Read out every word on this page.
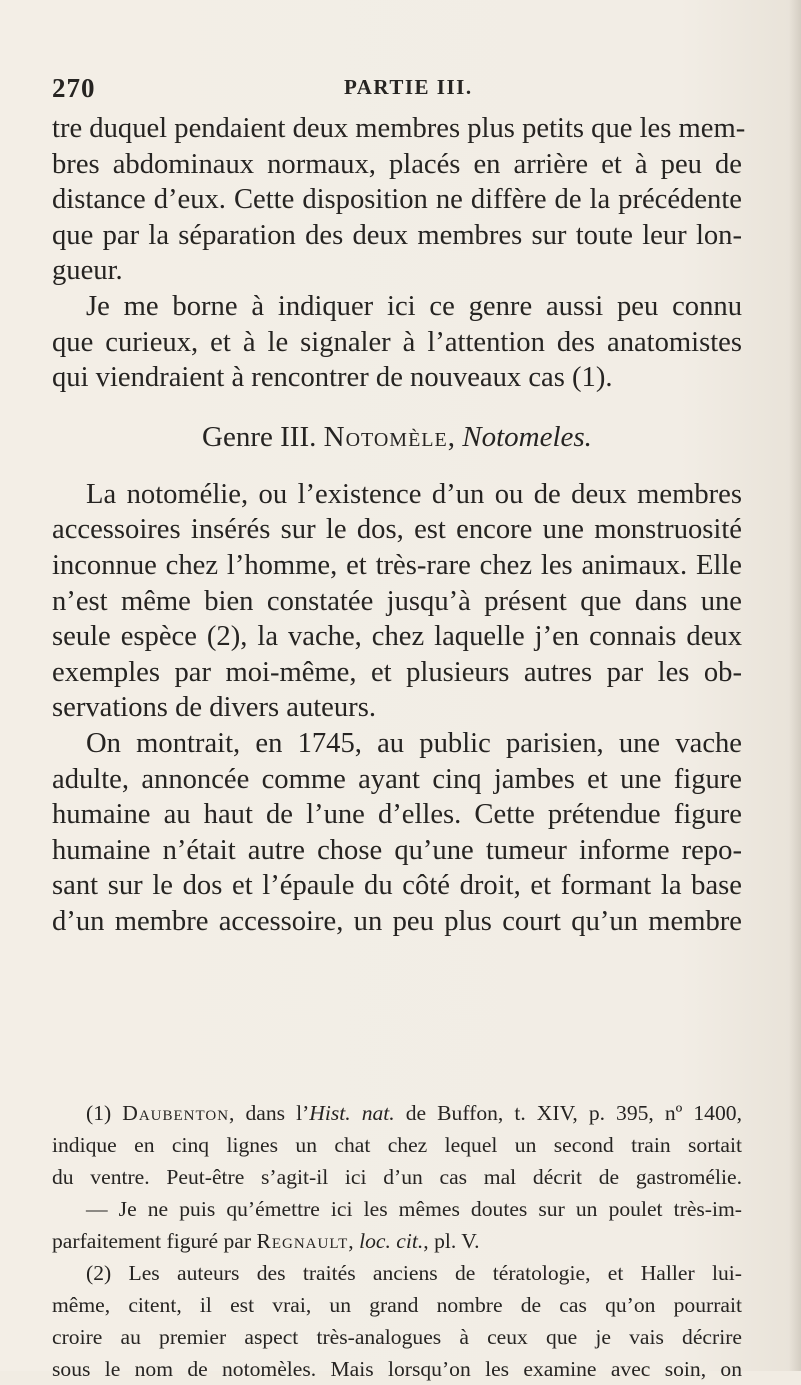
270	PARTIE III.
tre duquel pendaient deux membres plus petits que les mem-
bres abdominaux normaux, placés en arrière et à peu de
distance d’eux. Cette disposition ne diffère de la précédente
que par la séparation des deux membres sur toute leur lon-
gueur.
Je me borne à indiquer ici ce genre aussi peu connu
que curieux, et à le signaler à l’attention des anatomistes
qui viendraient à rencontrer de nouveaux cas (1).
Genre III. Notomèle, Notomeles.
La notomélie, ou l’existence d’un ou de deux membres
accessoires insérés sur le dos, est encore une monstruosité
inconnue chez l’homme, et très-rare chez les animaux. Elle
n’est même bien constatée jusqu’à présent que dans une
seule espèce (2), la vache, chez laquelle j’en connais deux
exemples par moi-même, et plusieurs autres par les ob-
servations de divers auteurs.
On montrait, en 1745, au public parisien, une vache
adulte, annoncée comme ayant cinq jambes et une figure
humaine au haut de l’une d’elles. Cette prétendue figure
humaine n’était autre chose qu’une tumeur informe repo-
sant sur le dos et l’épaule du côté droit, et formant la base
d’un membre accessoire, un peu plus court qu’un membre
(1) Daubenton, dans l’Hist. nat. de Buffon, t. XIV, p. 395, nº 1400,
indique en cinq lignes un chat chez lequel un second train sortait
du ventre. Peut-être s’agit-il ici d’un cas mal décrit de gastromélie.
— Je ne puis qu’émettre ici les mêmes doutes sur un poulet très-im-
parfaitement figuré par Regnault, loc. cit., pl. V.
(2) Les auteurs des traités anciens de tératologie, et Haller lui-
même, citent, il est vrai, un grand nombre de cas qu’on pourrait
croire au premier aspect très-analogues à ceux que je vais décrire
sous le nom de notomèles. Mais lorsqu’on les examine avec soin, on
